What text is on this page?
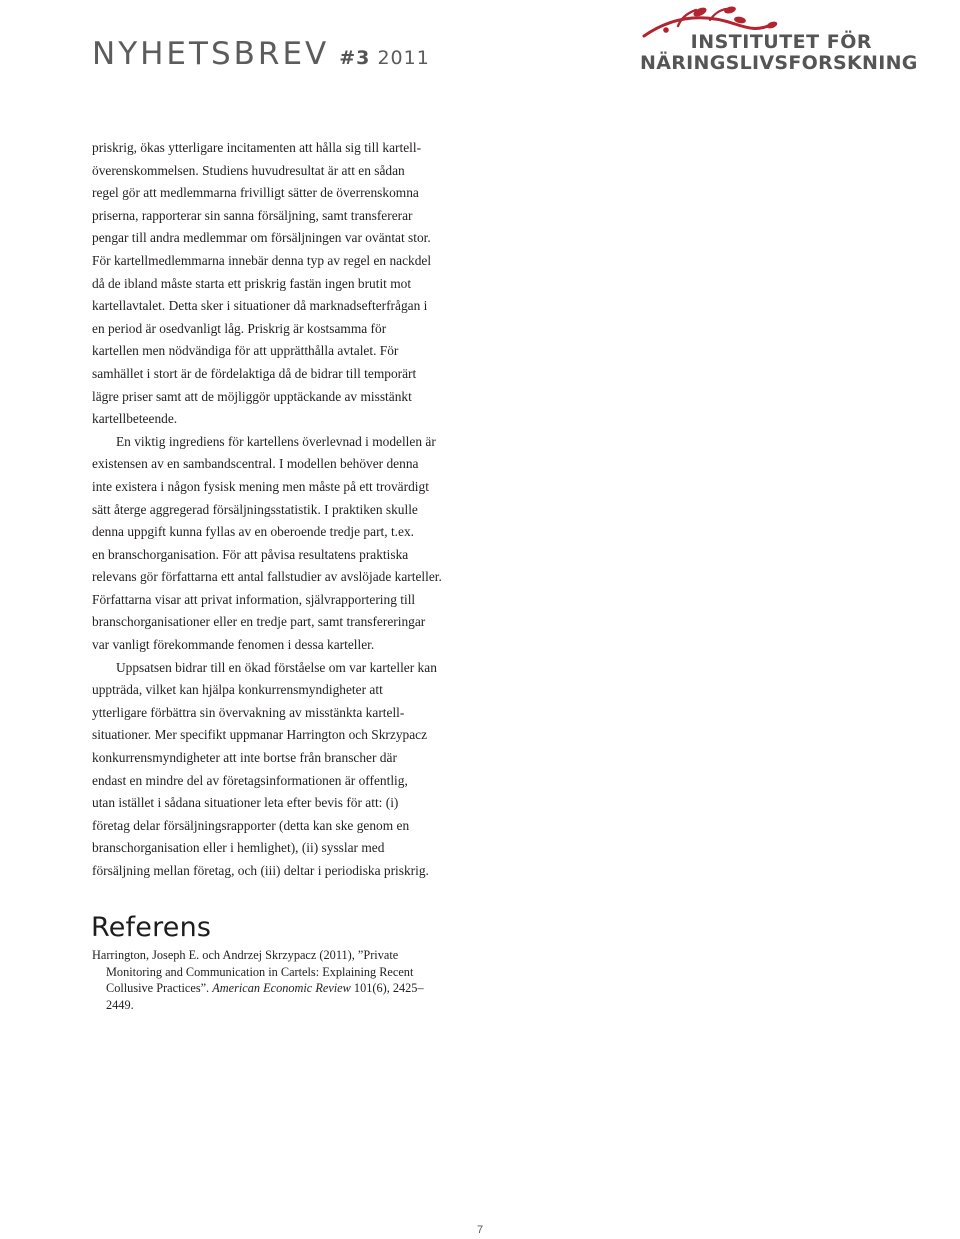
NYHETSBREV #3 2011
INSTITUTET FÖR
NÄRINGSLIVSFORSKNING
priskrig, ökas ytterligare incitamenten att hålla sig till kartell-
överenskommelsen. Studiens huvudresultat är att en sådan
regel gör att medlemmarna frivilligt sätter de överrenskomna
priserna, rapporterar sin sanna försäljning, samt transfererar
pengar till andra medlemmar om försäljningen var oväntat stor.
För kartellmedlemmarna innebär denna typ av regel en nackdel
då de ibland måste starta ett priskrig fastän ingen brutit mot
kartellavtalet. Detta sker i situationer då marknadsefterfrågan i
en period är osedvanligt låg. Priskrig är kostsamma för
kartellen men nödvändiga för att upprätthålla avtalet. För
samhället i stort är de fördelaktiga då de bidrar till temporärt
lägre priser samt att de möjliggör upptäckande av misstänkt
kartellbeteende.
En viktig ingrediens för kartellens överlevnad i modellen är
existensen av en sambandscentral. I modellen behöver denna
inte existera i någon fysisk mening men måste på ett trovärdigt
sätt återge aggregerad försäljningsstatistik. I praktiken skulle
denna uppgift kunna fyllas av en oberoende tredje part, t.ex.
en branschorganisation. För att påvisa resultatens praktiska
relevans gör författarna ett antal fallstudier av avslöjade karteller.
Författarna visar att privat information, självrapportering till
branschorganisationer eller en tredje part, samt transfereringar
var vanligt förekommande fenomen i dessa karteller.
Uppsatsen bidrar till en ökad förståelse om var karteller kan
uppträda, vilket kan hjälpa konkurrensmyndigheter att
ytterligare förbättra sin övervakning av misstänkta kartell-
situationer. Mer specifikt uppmanar Harrington och Skrzypacz
konkurrensmyndigheter att inte bortse från branscher där
endast en mindre del av företagsinformationen är offentlig,
utan istället i sådana situationer leta efter bevis för att: (i)
företag delar försäljningsrapporter (detta kan ske genom en
branschorganisation eller i hemlighet), (ii) sysslar med
försäljning mellan företag, och (iii) deltar i periodiska priskrig.
Referens
Harrington, Joseph E. och Andrzej Skrzypacz (2011), ”Private
Monitoring and Communication in Cartels: Explaining Recent
Collusive Practices”. American Economic Review 101(6), 2425–
2449.
7
